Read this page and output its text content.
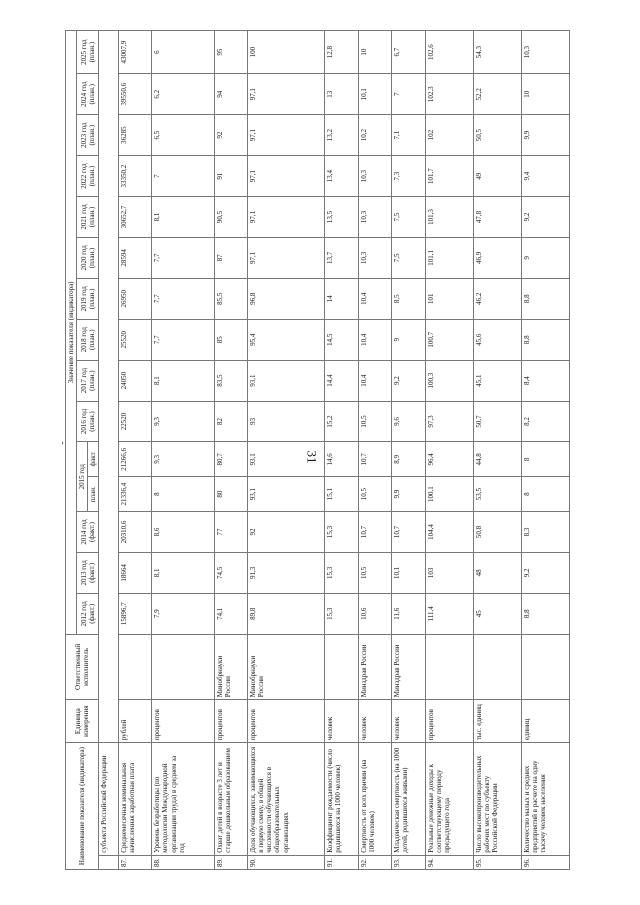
-
31
Наименование показателя (индикатора)		Единица измерения	Ответственный исполнитель	Значение показателя (индикатора)														
				2012 год (факт.)	2013 год (факт.)	2014 год (факт.)	2015 год		2016 год (план.)	2017 год (план.)	2018 год (план.)	2019 год (план.)	2020 год (план.)	2021 год (план.)	2022 год (план.)	2023 год (план.)	2024 год (план.)	2025 год (план.)
							план.	факт										
	субъекта Российской Федерации																	
87.	Среднемесячная номинальная начисленная заработная плата	рублей		15896,7	18664	20310,6	21336,4	21266,6	22520	24050	25520	26950	28594	30652,7	33350,2	36285	39550,6	43007,9
88.	Уровень безработицы (по методологии Международной организации труда) в среднем за год	процентов		7,9	8,1	8,6	8	9,3	9,3	8,1	7,7	7,7	7,7	8,1	7	6,5	6,2	6
89.	Охват детей в возрасте 3 лет и старше дошкольным образованием	процентов	Минобрнауки России	74,1	74,5	77	80	80,7	82	83,5	85	85,5	87	90,5	91	92	94	95
90.	Доля обучающихся, занимающихся в первую смену, в общей численности обучающихся в общеобразовательных организациях	процентов	Минобрнауки России	89,8	91,3	92	93,1	93,1	93	93,1	95,4	96,8	97,1	97,1	97,1	97,1	97,1	100
91.	Коэффициент рождаемости (число родившихся на 1000 человек)	человек		15,3	15,3	15,3	15,1	14,6	15,2	14,4	14,5	14	13,7	13,5	13,4	13,2	13	12,8
92.	Смертность от всех причин (на 1000 человек)	человек	Минздрав России	10,6	10,5	10,7	10,5	10,7	10,5	10,4	10,4	10,4	10,3	10,3	10,3	10,2	10,1	10
93.	Младенческая смертность (на 1000 детей, родившихся живыми)	человек	Минздрав России	11,6	10,1	10,7	9,9	8,9	9,6	9,2	9	8,5	7,5	7,5	7,3	7,1	7	6,7
94.	Реальные денежные доходы к соответствующему периоду предыдущего года	процентов		111,4	103	104,4	100,1	96,4	97,3	100,3	100,7	101	101,1	101,3	101,7	102	102,3	102,6
95.	Число высокопроизводительных рабочих мест по субъекту Российской Федерации	тыс. единиц		45	48	50,8	53,5	44,8	50,7	45,1	45,6	46,2	46,9	47,8	49	50,5	52,2	54,3
96.	Количество малых и средних предприятий в расчете на одну тысячу человек населения	единиц		8,8	9,2	8,3	8	8	8,2	8,4	8,8	8,8	9	9,2	9,4	9,9	10	10,3
